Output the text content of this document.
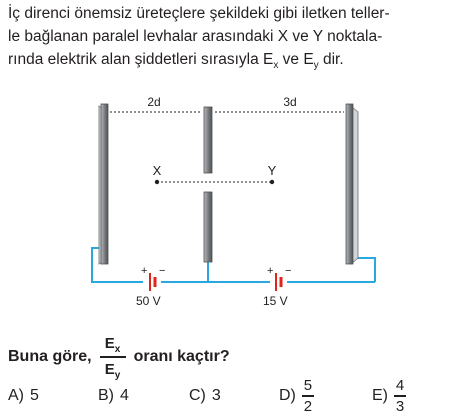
İç direnci önemsiz üreteçlere şekildeki gibi iletken teller-
le bağlanan paralel levhalar arasındaki X ve Y noktala-
rında elektrik alan şiddetleri sırasıyla $E_x$ ve $E_y$ dir.
+ −	+ −
50 V	15 V
2d	3d
X	Y
Buna göre, $\frac{E_x}{E_y}$ oranı kaçtır?
A) 5	B) 4	C) 3	D)
5
2
E)
4
3
